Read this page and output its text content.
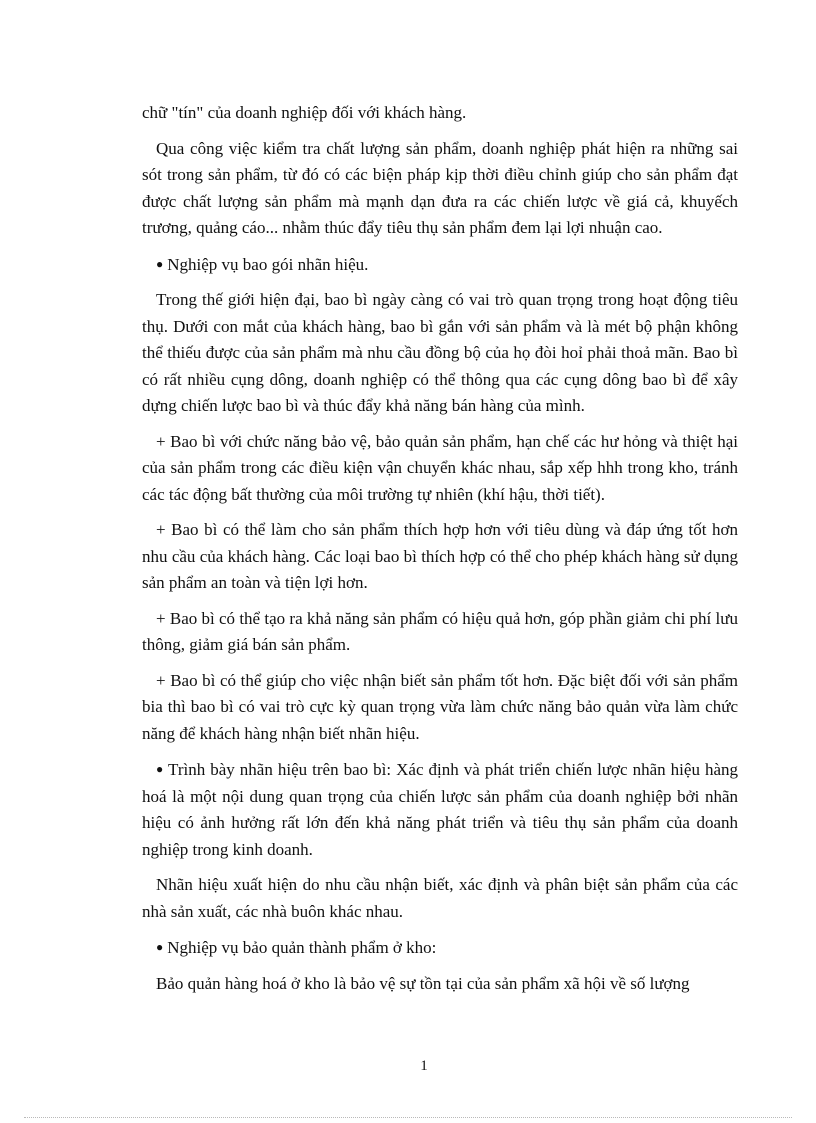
chữ "tín" của doanh nghiệp đối với khách hàng.

Qua công việc kiểm tra chất lượng sản phẩm, doanh nghiệp phát hiện ra những sai sót trong sản phẩm, từ đó có các biện pháp kịp thời điều chỉnh giúp cho sản phẩm đạt được chất lượng sản phẩm mà mạnh dạn đưa ra các chiến lược về giá cả, khuyếch trương, quảng cáo... nhằm thúc đẩy tiêu thụ sản phẩm đem lại lợi nhuận cao.

● Nghiệp vụ bao gói nhãn hiệu.

Trong thế giới hiện đại, bao bì ngày càng có vai trò quan trọng trong hoạt động tiêu thụ. Dưới con mắt của khách hàng, bao bì gắn với sản phẩm và là mét bộ phận không thể thiếu được của sản phẩm mà nhu cầu đồng bộ của họ đòi hoỉ phải thoả mãn. Bao bì có rất nhiều cụng dông, doanh nghiệp có thể thông qua các cụng dông bao bì để xây dựng chiến lược bao bì và thúc đẩy khả năng bán hàng của mình.

+ Bao bì với chức năng bảo vệ, bảo quản sản phẩm, hạn chế các hư hỏng và thiệt hại của sản phẩm trong các điều kiện vận chuyển khác nhau, sắp xếp hhh trong kho, tránh các tác động bất thường của môi trường tự nhiên (khí hậu, thời tiết).

+ Bao bì có thể làm cho sản phẩm thích hợp hơn với tiêu dùng và đáp ứng tốt hơn nhu cầu của khách hàng. Các loại bao bì thích hợp có thể cho phép khách hàng sử dụng sản phẩm an toàn và tiện lợi hơn.

+ Bao bì có thể tạo ra khả năng sản phẩm có hiệu quả hơn, góp phần giảm chi phí lưu thông, giảm giá bán sản phẩm.

+ Bao bì có thể giúp cho việc nhận biết sản phẩm tốt hơn. Đặc biệt đối với sản phẩm bia thì bao bì có vai trò cực kỳ quan trọng vừa làm chức năng bảo quản vừa làm chức năng để khách hàng nhận biết nhãn hiệu.

● Trình bày nhãn hiệu trên bao bì: Xác định và phát triển chiến lược nhãn hiệu hàng hoá là một nội dung quan trọng của chiến lược sản phẩm của doanh nghiệp bởi nhãn hiệu có ảnh hưởng rất lớn đến khả năng phát triển và tiêu thụ sản phẩm của doanh nghiệp trong kinh doanh.

Nhãn hiệu xuất hiện do nhu cầu nhận biết, xác định và phân biệt sản phẩm của các nhà sản xuất, các nhà buôn khác nhau.

● Nghiệp vụ bảo quản thành phẩm ở kho:

Bảo quản hàng hoá ở kho là bảo vệ sự tồn tại của sản phẩm xã hội về số lượng

1
